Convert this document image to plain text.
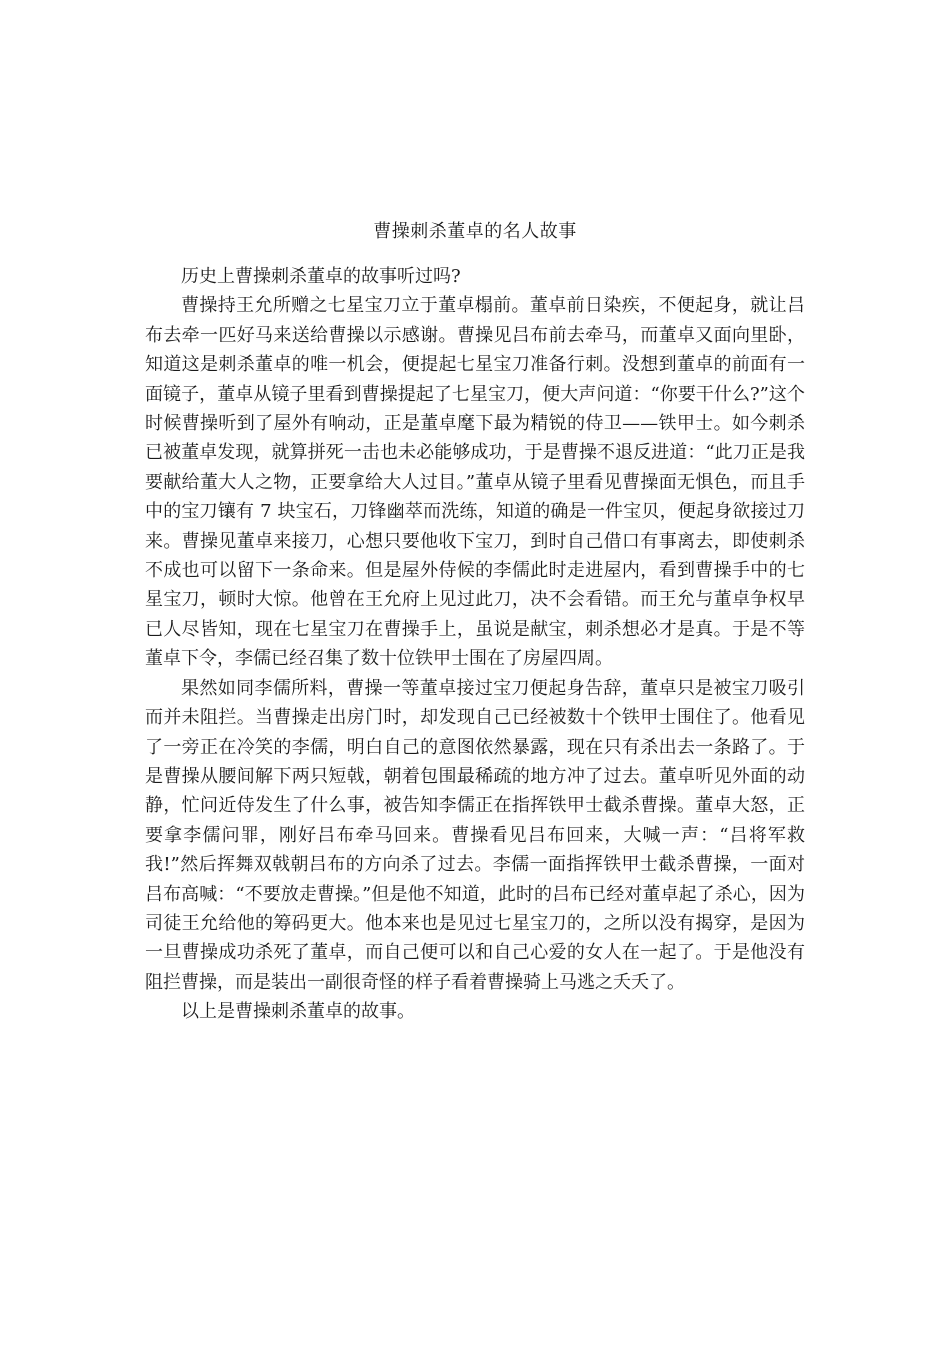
曹操刺杀董卓的名人故事

历史上曹操刺杀董卓的故事听过吗?

曹操持王允所赠之七星宝刀立于董卓榻前。董卓前日染疾，不便起身，就让吕布去牵一匹好马来送给曹操以示感谢。曹操见吕布前去牵马，而董卓又面向里卧，知道这是刺杀董卓的唯一机会，便提起七星宝刀准备行刺。没想到董卓的前面有一面镜子，董卓从镜子里看到曹操提起了七星宝刀，便大声问道：“你要干什么?”这个时候曹操听到了屋外有响动，正是董卓麾下最为精锐的侍卫——铁甲士。如今刺杀已被董卓发现，就算拼死一击也未必能够成功，于是曹操不退反进道：“此刀正是我要献给董大人之物，正要拿给大人过目。”董卓从镜子里看见曹操面无惧色，而且手中的宝刀镶有 7 块宝石，刀锋幽萃而洗练，知道的确是一件宝贝，便起身欲接过刀来。曹操见董卓来接刀，心想只要他收下宝刀，到时自己借口有事离去，即使刺杀不成也可以留下一条命来。但是屋外侍候的李儒此时走进屋内，看到曹操手中的七星宝刀，顿时大惊。他曾在王允府上见过此刀，决不会看错。而王允与董卓争权早已人尽皆知，现在七星宝刀在曹操手上，虽说是献宝，刺杀想必才是真。于是不等董卓下令，李儒已经召集了数十位铁甲士围在了房屋四周。

果然如同李儒所料，曹操一等董卓接过宝刀便起身告辞，董卓只是被宝刀吸引而并未阻拦。当曹操走出房门时，却发现自己已经被数十个铁甲士围住了。他看见了一旁正在冷笑的李儒，明白自己的意图依然暴露，现在只有杀出去一条路了。于是曹操从腰间解下两只短戟，朝着包围最稀疏的地方冲了过去。董卓听见外面的动静，忙问近侍发生了什么事，被告知李儒正在指挥铁甲士截杀曹操。董卓大怒，正要拿李儒问罪，刚好吕布牵马回来。曹操看见吕布回来，大喊一声：“吕将军救我!”然后挥舞双戟朝吕布的方向杀了过去。李儒一面指挥铁甲士截杀曹操，一面对吕布高喊：“不要放走曹操。”但是他不知道，此时的吕布已经对董卓起了杀心，因为司徒王允给他的筹码更大。他本来也是见过七星宝刀的，之所以没有揭穿，是因为一旦曹操成功杀死了董卓，而自己便可以和自己心爱的女人在一起了。于是他没有阻拦曹操，而是装出一副很奇怪的样子看着曹操骑上马逃之夭夭了。

以上是曹操刺杀董卓的故事。
